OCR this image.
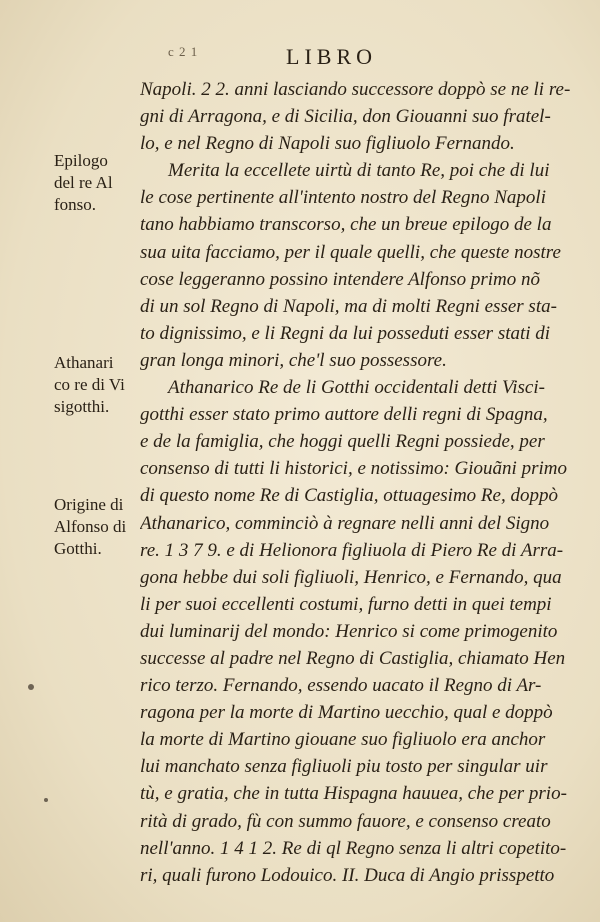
c 2 1	LIBRO
Epilogo
del re Al
fonso.
Athanari
co re di Vi
sigotthi.
Origine di
Alfonso di
Gotthi.
Napoli. 2 2. anni lasciando successore doppò se ne li re-
gni di Arragona, e di Sicilia, don Giouanni suo fratel-
lo, e nel Regno di Napoli suo figliuolo Fernando.
Merita la eccellete uirtù di tanto Re, poi che di lui
le cose pertinente all'intento nostro del Regno Napoli
tano habbiamo transcorso, che un breue epilogo de la
sua uita facciamo, per il quale quelli, che queste nostre
cose leggeranno possino intendere Alfonso primo nõ
di un sol Regno di Napoli, ma di molti Regni esser sta-
to dignissimo, e li Regni da lui posseduti esser stati di
gran longa minori, che'l suo possessore.
Athanarico Re de li Gotthi occidentali detti Visci-
gotthi esser stato primo auttore delli regni di Spagna,
e de la famiglia, che hoggi quelli Regni possiede, per
consenso di tutti li historici, e notissimo: Giouãni primo
di questo nome Re di Castiglia, ottuagesimo Re, doppò
Athanarico, comminciò à regnare nelli anni del Signo
re. 1 3 7 9. e di Helionora figliuola di Piero Re di Arra-
gona hebbe dui soli figliuoli, Henrico, e Fernando, qua
li per suoi eccellenti costumi, furno detti in quei tempi
dui luminarij del mondo: Henrico si come primogenito
successe al padre nel Regno di Castiglia, chiamato Hen
rico terzo. Fernando, essendo uacato il Regno di Ar-
ragona per la morte di Martino uecchio, qual e doppò
la morte di Martino giouane suo figliuolo era anchor
lui manchato senza figliuoli piu tosto per singular uir
tù, e gratia, che in tutta Hispagna hauuea, che per prio-
rità di grado, fù con summo fauore, e consenso creato
nell'anno. 1 4 1 2. Re di ql Regno senza li altri copetito-
ri, quali furono Lodouico. II. Duca di Angio prisspetto
